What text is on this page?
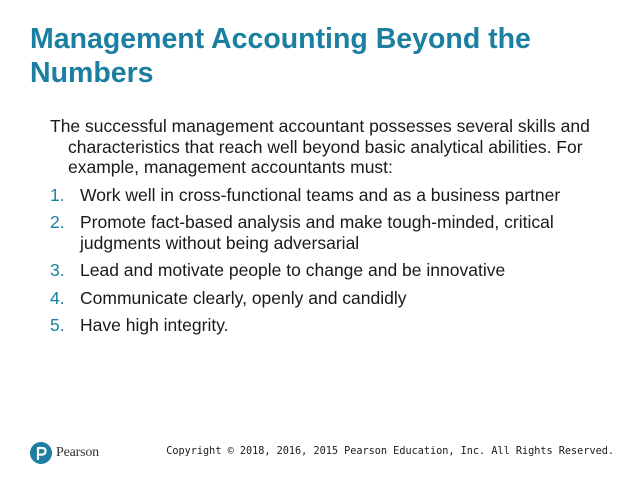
Management Accounting Beyond the Numbers

The successful management accountant possesses several skills and characteristics that reach well beyond basic analytical abilities. For example, management accountants must:

1. Work well in cross-functional teams and as a business partner
2. Promote fact-based analysis and make tough-minded, critical judgments without being adversarial
3. Lead and motivate people to change and be innovative
4. Communicate clearly, openly and candidly
5. Have high integrity.
Pearson	Copyright © 2018, 2016, 2015 Pearson Education, Inc. All Rights Reserved.
